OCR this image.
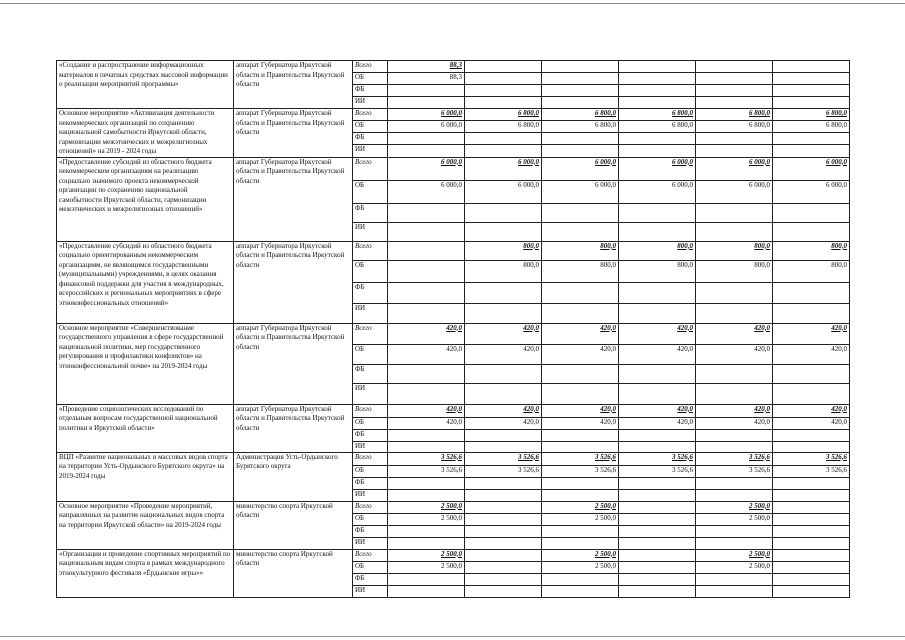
«Создание и распространение информационных материалов в печатных средствах массовой информации о реализации мероприятий программы»	аппарат Губернатора Иркутской области и Правительства Иркутской области	Всего	88,3					
		ОБ	88,3					
		ФБ						
		ИИ						
Основное мероприятие «Активизация деятельности некоммерческих организаций по сохранению национальной самобытности Иркутской области, гармонизации межэтнических и межрелигиозных отношений» на 2019 - 2024 годы	аппарат Губернатора Иркутской области и Правительства Иркутской области	Всего	6 000,0	6 800,0	6 800,0	6 800,0	6 800,0	6 800,0
		ОБ	6 000,0	6 800,0	6 800,0	6 800,0	6 800,0	6 800,0
		ФБ						
		ИИ						
«Предоставление субсидий из областного бюджета некоммерческим организациям на реализацию социально значимого проекта некоммерческой организации по сохранению национальной самобытности Иркутской области, гармонизации межэтнических и межрелигиозных отношений»	аппарат Губернатора Иркутской области и Правительства Иркутской области	Всего	6 000,0	6 000,0	6 000,0	6 000,0	6 000,0	6 000,0
		ОБ	6 000,0	6 000,0	6 000,0	6 000,0	6 000,0	6 000,0
		ФБ						
		ИИ						
«Предоставление субсидий из областного бюджета социально ориентированным некоммерческим организациям, не являющимся государственными (муниципальными) учреждениями, в целях оказания финансовой поддержки для участия в международных, всероссийских и региональных мероприятиях в сфере этноконфессиональных отношений»	аппарат Губернатора Иркутской области и Правительства Иркутской области	Всего		800,0	800,0	800,0	800,0	800,0
		ОБ		800,0	800,0	800,0	800,0	800,0
		ФБ						
		ИИ						
Основное мероприятие «Совершенствование государственного управления в сфере государственной национальной политики, мер государственного регулирования и профилактики конфликтов» на этноконфессиональной почве» на 2019-2024 годы	аппарат Губернатора Иркутской области и Правительства Иркутской области	Всего	420,0	420,0	420,0	420,0	420,0	420,0
		ОБ	420,0	420,0	420,0	420,0	420,0	420,0
		ФБ						
		ИИ						
«Проведение социологических исследований по отдельным вопросам государственной национальной политики в Иркутской области»	аппарат Губернатора Иркутской области и Правительства Иркутской области	Всего	420,0	420,0	420,0	420,0	420,0	420,0
		ОБ	420,0	420,0	420,0	420,0	420,0	420,0
		ФБ						
		ИИ						
ВЦП «Развитие национальных и массовых видов спорта на территории Усть-Ордынского Бурятского округа» на 2019-2024 годы	Администрация Усть-Ордынского Бурятского округа	Всего	3 526,6	3 526,6	3 526,6	3 526,6	3 526,6	3 526,6
		ОБ	3 526,6	3 526,6	3 526,6	3 526,6	3 526,6	3 526,6
		ФБ						
		ИИ						
Основное мероприятие «Проведение мероприятий, направленных на развитие национальных видов спорта на территории Иркутской области» на 2019-2024 годы	министерство спорта Иркутской области	Всего	2 500,0		2 500,0		2 500,0	
		ОБ	2 500,0		2 500,0		2 500,0	
		ФБ						
		ИИ						
«Организация и проведение спортивных мероприятий по национальным видам спорта в рамках международного этнокультурного фестиваля «Ёрдынские игры»»	министерство спорта Иркутской области	Всего	2 500,0		2 500,0		2 500,0	
		ОБ	2 500,0		2 500,0		2 500,0	
		ФБ						
		ИИ						
